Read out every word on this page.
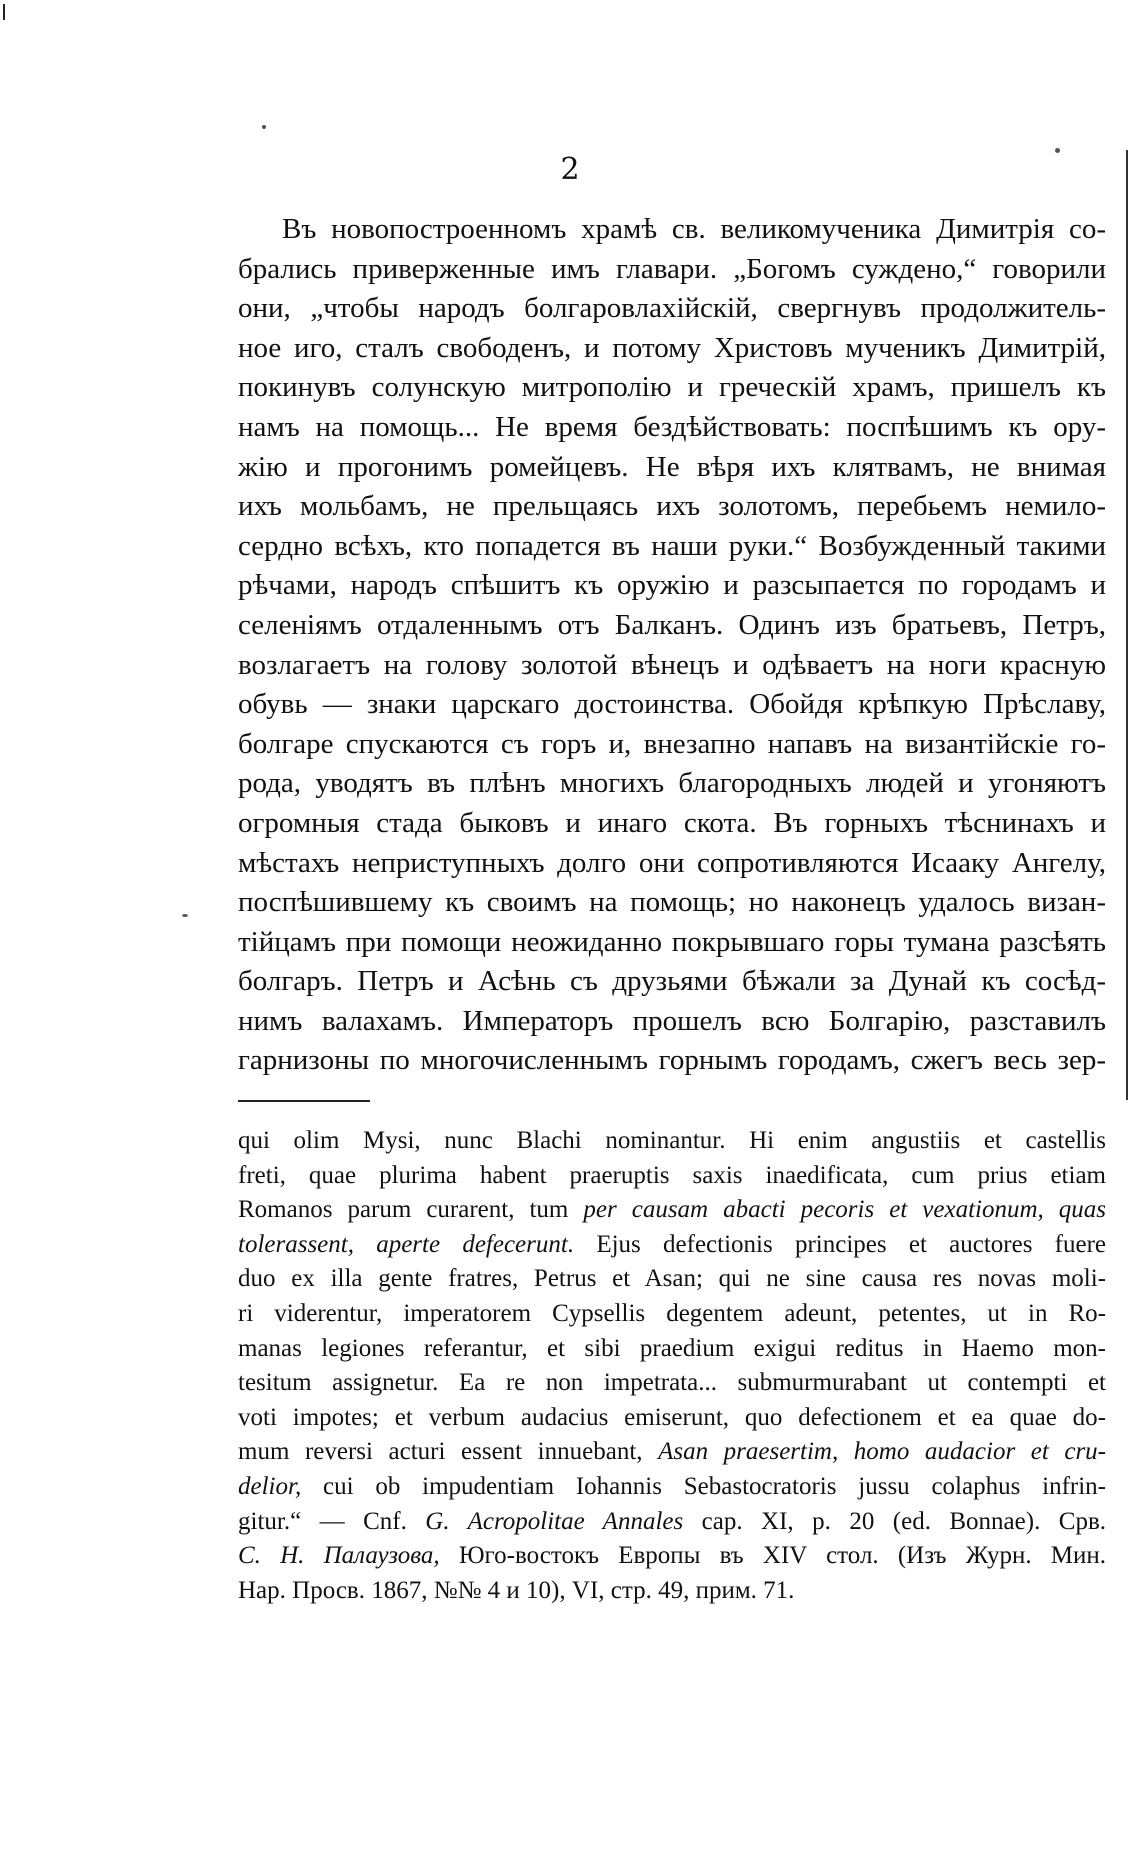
2
Въ новопостроенномъ храмѣ св. великомученика Димитрія со-
брались приверженные имъ главари. „Богомъ суждено,“ говорили
они, „чтобы народъ болгаровлахійскій, свергнувъ продолжитель-
ное иго, сталъ свободенъ, и потому Христовъ мученикъ Димитрій,
покинувъ солунскую митрополію и греческій храмъ, пришелъ къ
намъ на помощь... Не время бездѣйствовать: поспѣшимъ къ ору-
жію и прогонимъ ромейцевъ. Не вѣря ихъ клятвамъ, не внимая
ихъ мольбамъ, не прельщаясь ихъ золотомъ, перебьемъ немило-
сердно всѣхъ, кто попадется въ наши руки.“ Возбужденный такими
рѣчами, народъ спѣшитъ къ оружію и разсыпается по городамъ и
селеніямъ отдаленнымъ отъ Балканъ. Одинъ изъ братьевъ, Петръ,
возлагаетъ на голову золотой вѣнецъ и одѣваетъ на ноги красную
обувь — знаки царскаго достоинства. Обойдя крѣпкую Прѣславу,
болгаре спускаются съ горъ и, внезапно напавъ на византійскіе го-
рода, уводятъ въ плѣнъ многихъ благородныхъ людей и угоняютъ
огромныя стада быковъ и инаго скота. Въ горныхъ тѣснинахъ и
мѣстахъ неприступныхъ долго они сопротивляются Исааку Ангелу,
поспѣшившему къ своимъ на помощь; но наконецъ удалось визан-
тійцамъ при помощи неожиданно покрывшаго горы тумана разсѣять
болгаръ. Петръ и Асѣнь съ друзьями бѣжали за Дунай къ сосѣд-
нимъ валахамъ. Императоръ прошелъ всю Болгарію, разставилъ
гарнизоны по многочисленнымъ горнымъ городамъ, сжегъ весь зер-
qui olim Mysi, nunc Blachi nominantur. Hi enim angustiis et castellis
freti, quae plurima habent praeruptis saxis inaedificata, cum prius etiam
Romanos parum curarent, tum per causam abacti pecoris et vexationum, quas
tolerassent, aperte defecerunt. Ejus defectionis principes et auctores fuere
duo ex illa gente fratres, Petrus et Asan; qui ne sine causa res novas moli-
ri viderentur, imperatorem Cypsellis degentem adeunt, petentes, ut in Ro-
manas legiones referantur, et sibi praedium exigui reditus in Haemo mon-
tesitum assignetur. Ea re non impetrata... submurmurabant ut contempti et
voti impotes; et verbum audacius emiserunt, quo defectionem et ea quae do-
mum reversi acturi essent innuebant, Asan praesertim, homo audacior et cru-
delior, cui ob impudentiam Iohannis Sebastocratoris jussu colaphus infrin-
gitur.“ — Cnf. G. Acropolitae Annales cap. XI, p. 20 (ed. Bonnae). Срв.
С. Н. Палаузова, Юго-востокъ Европы въ XIV стол. (Изъ Журн. Мин.
Нар. Просв. 1867, №№ 4 и 10), VI, стр. 49, прим. 71.
